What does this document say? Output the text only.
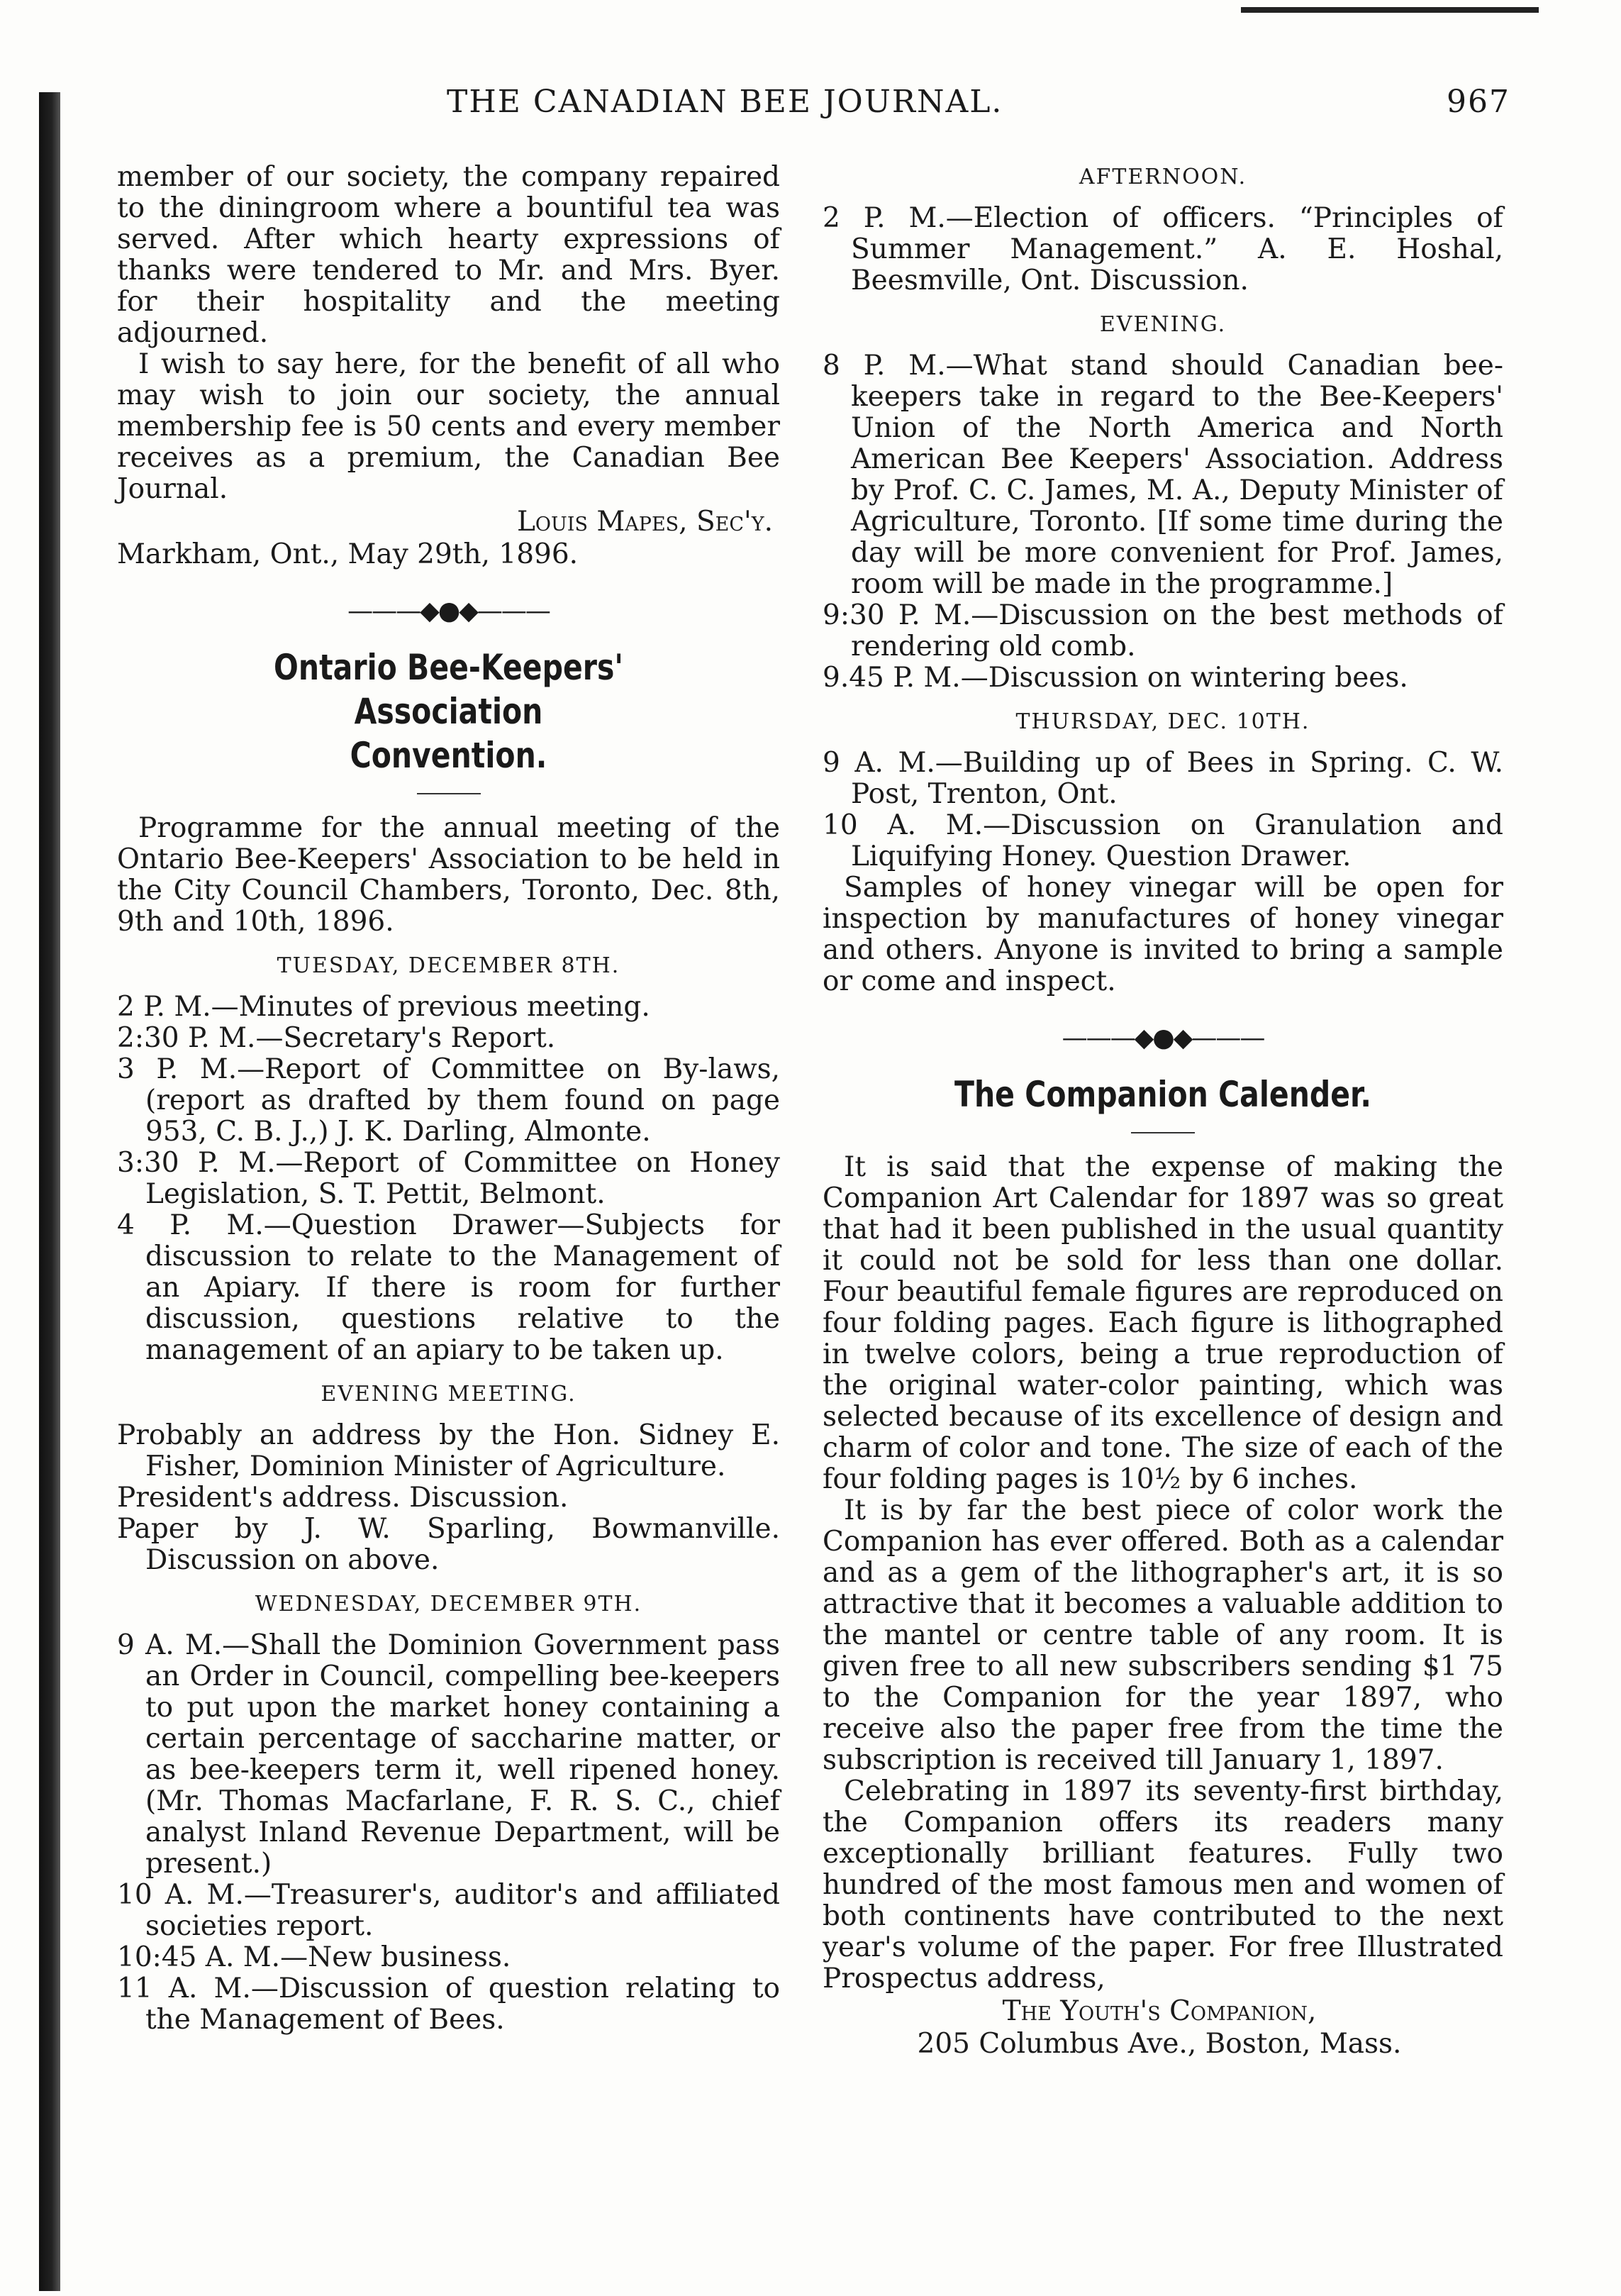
THE CANADIAN BEE JOURNAL.	967

member of our society, the company repaired to the diningroom where a bountiful tea was served. After which hearty expressions of thanks were tendered to Mr. and Mrs. Byer. for their hospitality and the meeting adjourned.

I wish to say here, for the benefit of all who may wish to join our society, the annual membership fee is 50 cents and every member receives as a premium, the Canadian Bee Journal.

Louis Mapes, Sec'y.

Markham, Ont., May 29th, 1896.

———◆●◆———
Ontario Bee-Keepers' Association
Convention.

Programme for the annual meeting of the Ontario Bee-Keepers' Association to be held in the City Council Chambers, Toronto, Dec. 8th, 9th and 10th, 1896.

TUESDAY, DECEMBER 8TH.

2 P. M.—Minutes of previous meeting.

2:30 P. M.—Secretary's Report.

3 P. M.—Report of Committee on By-laws, (report as drafted by them found on page 953, C. B. J.,) J. K. Darling, Almonte.

3:30 P. M.—Report of Committee on Honey Legislation, S. T. Pettit, Belmont.

4 P. M.—Question Drawer—Subjects for discussion to relate to the Management of an Apiary. If there is room for further discussion, questions relative to the management of an apiary to be taken up.

EVENING MEETING.

Probably an address by the Hon. Sidney E. Fisher, Dominion Minister of Agriculture.

President's address. Discussion.

Paper by J. W. Sparling, Bowmanville. Discussion on above.

WEDNESDAY, DECEMBER 9TH.

9 A. M.—Shall the Dominion Government pass an Order in Council, compelling bee-keepers to put upon the market honey containing a certain percentage of saccharine matter, or as bee-keepers term it, well ripened honey. (Mr. Thomas Macfarlane, F. R. S. C., chief analyst Inland Revenue Department, will be present.)

10 A. M.—Treasurer's, auditor's and affiliated societies report.

10:45 A. M.—New business.

11 A. M.—Discussion of question relating to the Management of Bees.

AFTERNOON.

2 P. M.—Election of officers. “Principles of Summer Management.” A. E. Hoshal, Beesmville, Ont. Discussion.

EVENING.

8 P. M.—What stand should Canadian bee-keepers take in regard to the Bee-Keepers' Union of the North America and North American Bee Keepers' Association. Address by Prof. C. C. James, M. A., Deputy Minister of Agriculture, Toronto. [If some time during the day will be more convenient for Prof. James, room will be made in the programme.]

9:30 P. M.—Discussion on the best methods of rendering old comb.

9.45 P. M.—Discussion on wintering bees.

THURSDAY, DEC. 10TH.

9 A. M.—Building up of Bees in Spring. C. W. Post, Trenton, Ont.

10 A. M.—Discussion on Granulation and Liquifying Honey. Question Drawer.

Samples of honey vinegar will be open for inspection by manufactures of honey vinegar and others. Anyone is invited to bring a sample or come and inspect.

———◆●◆———
The Companion Calender.

It is said that the expense of making the Companion Art Calendar for 1897 was so great that had it been published in the usual quantity it could not be sold for less than one dollar. Four beautiful female figures are reproduced on four folding pages. Each figure is lithographed in twelve colors, being a true reproduction of the original water-color painting, which was selected because of its excellence of design and charm of color and tone. The size of each of the four folding pages is 10½ by 6 inches.

It is by far the best piece of color work the Companion has ever offered. Both as a calendar and as a gem of the lithographer's art, it is so attractive that it becomes a valuable addition to the mantel or centre table of any room. It is given free to all new subscribers sending $1 75 to the Companion for the year 1897, who receive also the paper free from the time the subscription is received till January 1, 1897.

Celebrating in 1897 its seventy-first birthday, the Companion offers its readers many exceptionally brilliant features. Fully two hundred of the most famous men and women of both continents have contributed to the next year's volume of the paper. For free Illustrated Prospectus address,

The Youth's Companion,
205 Columbus Ave., Boston, Mass.
